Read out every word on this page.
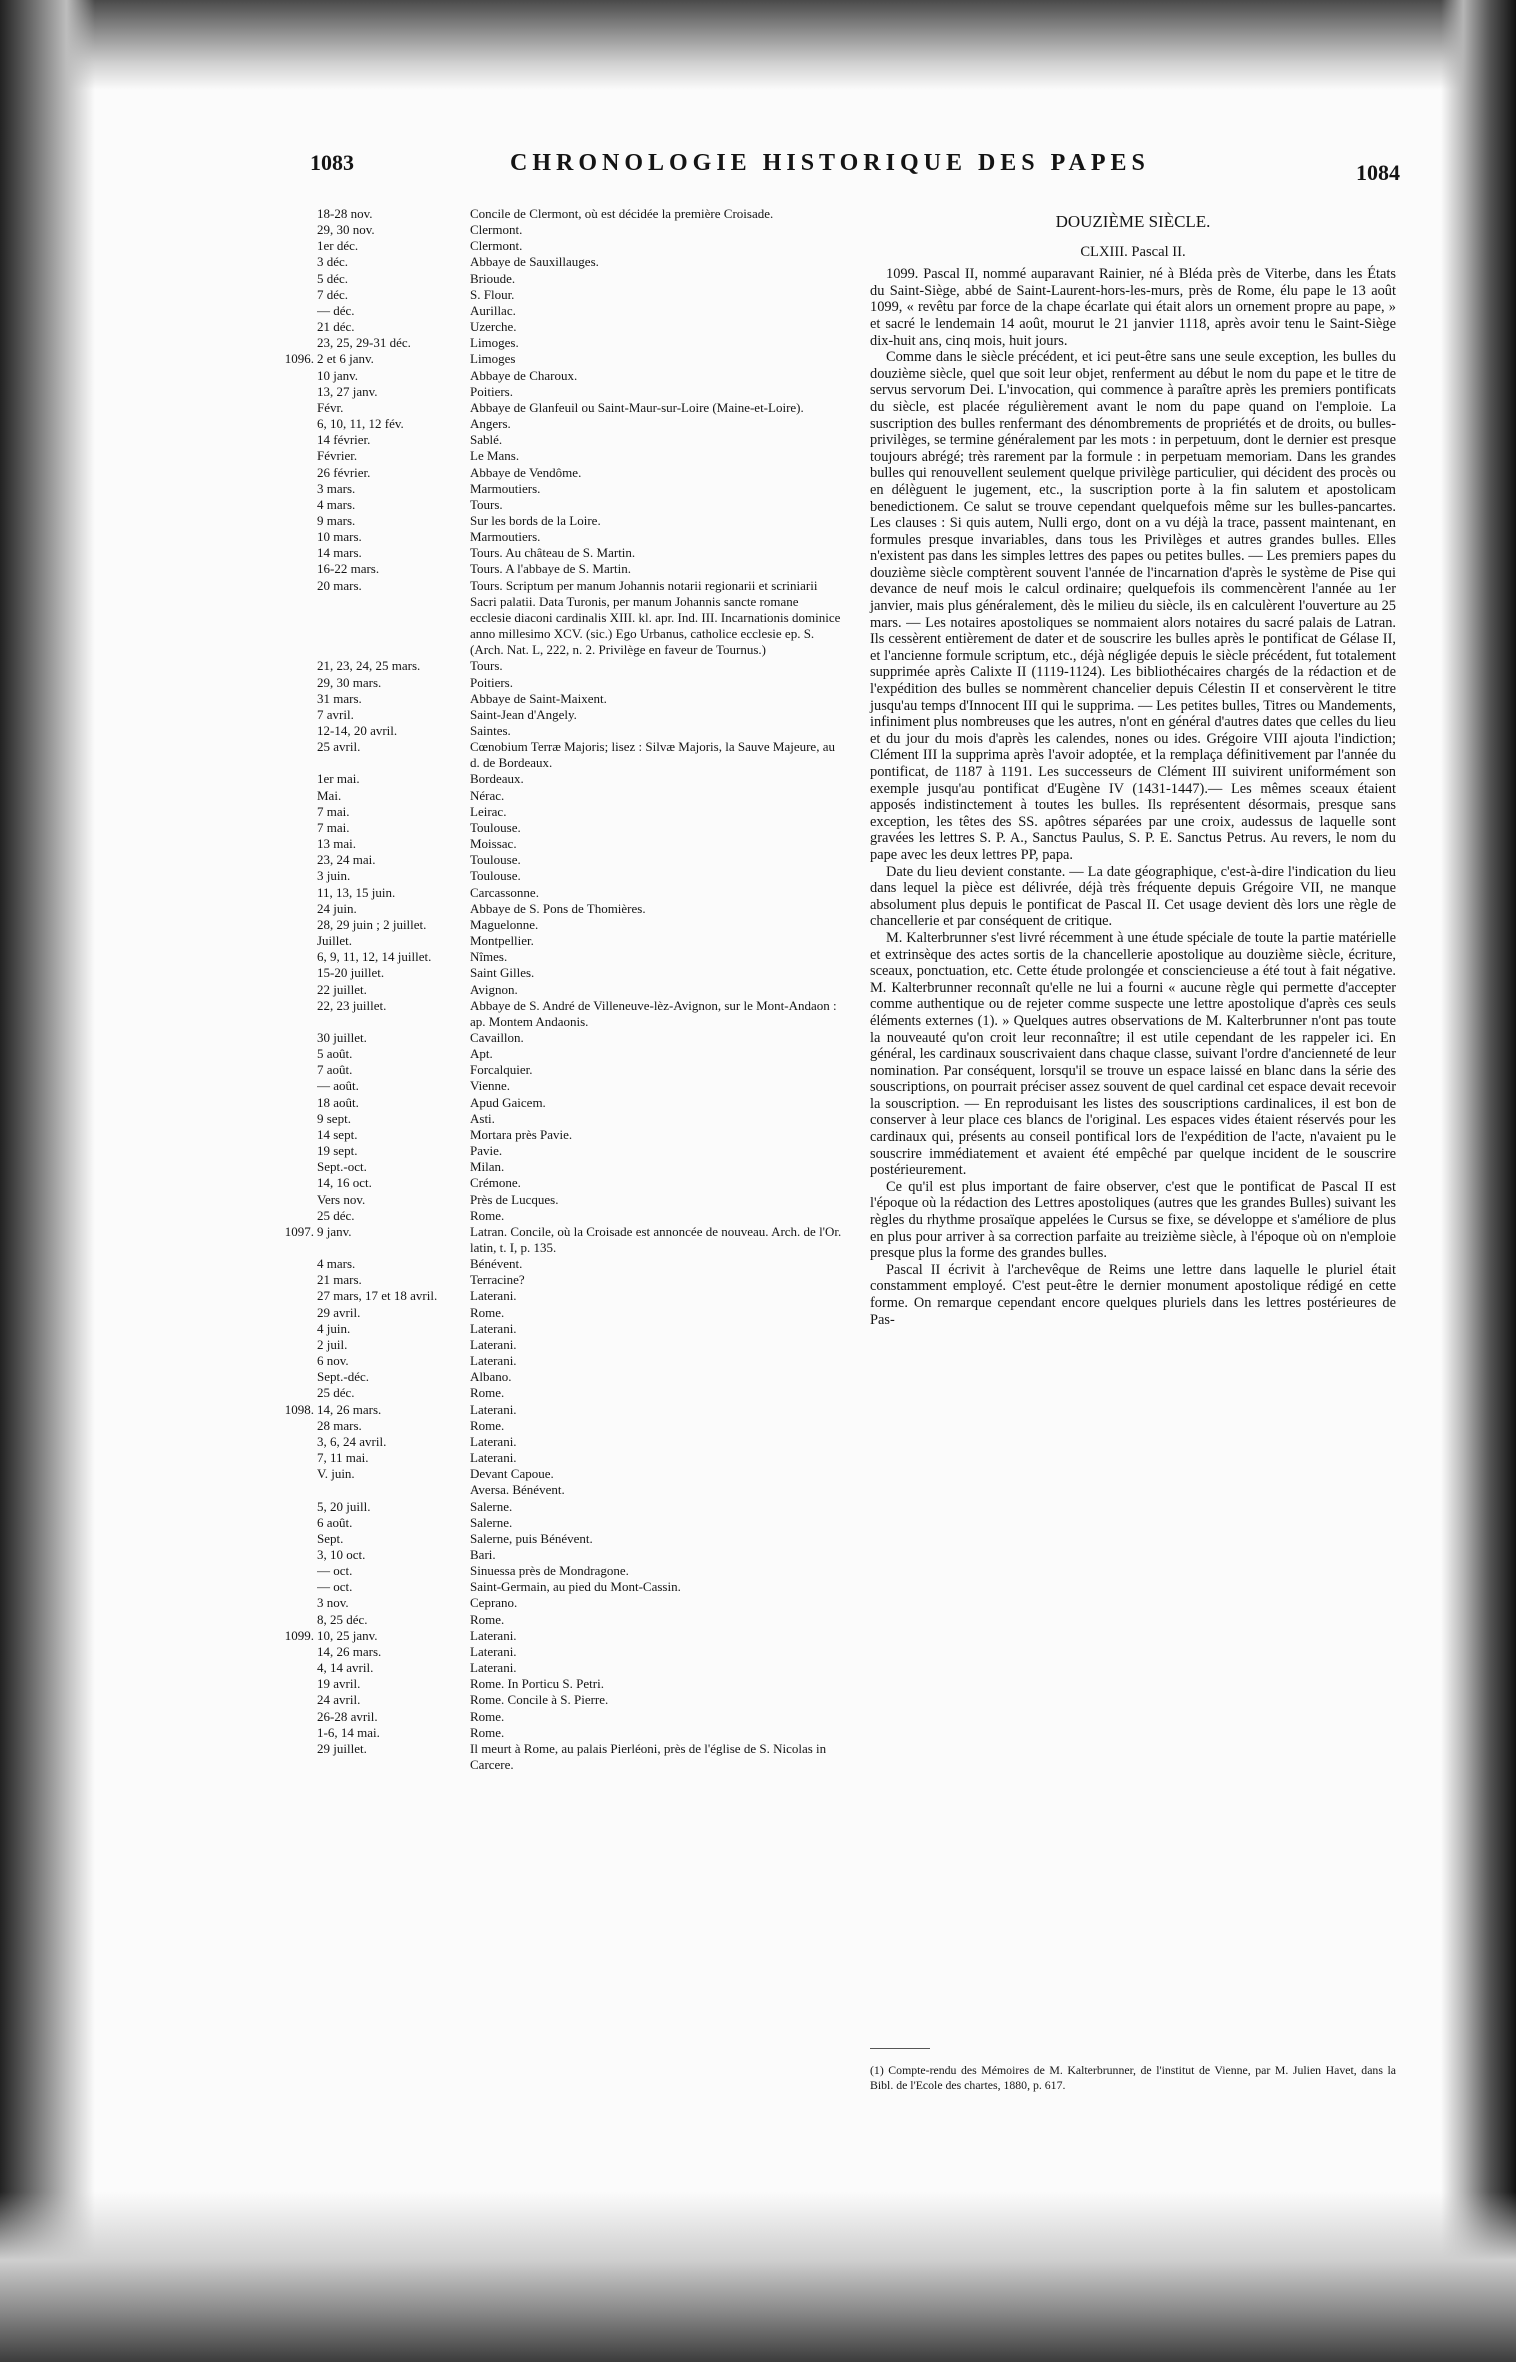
1083	CHRONOLOGIE HISTORIQUE DES PAPES	1084
18-28 nov.	Concile de Clermont, où est décidée la première Croisade.
29, 30 nov.	Clermont.
1er déc.	Clermont.
3 déc.	Abbaye de Sauxillauges.
5 déc.	Brioude.
7 déc.	S. Flour.
— déc.	Aurillac.
21 déc.	Uzerche.
23, 25, 29-31 déc.	Limoges.
1096. 2 et 6 janv.	Limoges
10 janv.	Abbaye de Charoux.
13, 27 janv.	Poitiers.
Févr.	Abbaye de Glanfeuil ou Saint-Maur-sur-Loire (Maine-et-Loire).
6, 10, 11, 12 fév.	Angers.
14 février.	Sablé.
Février.	Le Mans.
26 février.	Abbaye de Vendôme.
3 mars.	Marmoutiers.
4 mars.	Tours.
9 mars.	Sur les bords de la Loire.
10 mars.	Marmoutiers.
14 mars.	Tours. Au château de S. Martin.
16-22 mars.	Tours. A l'abbaye de S. Martin.
20 mars.	Tours. Scriptum per manum Johannis notarii regionarii et scriniarii Sacri palatii. Data Turonis, per manum Johannis sancte romane ecclesie diaconi cardinalis XIII. kl. apr. Ind. III. Incarnationis dominice anno millesimo XCV. (sic.) Ego Urbanus, catholice ecclesie ep. S. (Arch. Nat. L, 222, n. 2. Privilège en faveur de Tournus.)
21, 23, 24, 25 mars.	Tours.
29, 30 mars.	Poitiers.
31 mars.	Abbaye de Saint-Maixent.
7 avril.	Saint-Jean d'Angely.
12-14, 20 avril.	Saintes.
25 avril.	Cœnobium Terræ Majoris; lisez : Silvæ Majoris, la Sauve Majeure, au d. de Bordeaux.
1er mai.	Bordeaux.
Mai.	Nérac.
7 mai.	Leirac.
7 mai.	Toulouse.
13 mai.	Moissac.
23, 24 mai.	Toulouse.
3 juin.	Toulouse.
11, 13, 15 juin.	Carcassonne.
24 juin.	Abbaye de S. Pons de Thomières.
28, 29 juin ; 2 juillet.	Maguelonne.
Juillet.	Montpellier.
6, 9, 11, 12, 14 juillet.	Nîmes.
15-20 juillet.	Saint Gilles.
22 juillet.	Avignon.
22, 23 juillet.	Abbaye de S. André de Villeneuve-lèz-Avignon, sur le Mont-Andaon : ap. Montem Andaonis.
30 juillet.	Cavaillon.
5 août.	Apt.
7 août.	Forcalquier.
— août.	Vienne.
18 août.	Apud Gaicem.
9 sept.	Asti.
14 sept.	Mortara près Pavie.
19 sept.	Pavie.
Sept.-oct.	Milan.
14, 16 oct.	Crémone.
Vers nov.	Près de Lucques.
25 déc.	Rome.
1097. 9 janv.	Latran. Concile, où la Croisade est annoncée de nouveau. Arch. de l'Or. latin, t. I, p. 135.
4 mars.	Bénévent.
21 mars.	Terracine?
27 mars, 17 et 18 avril.	Laterani.
29 avril.	Rome.
4 juin.	Laterani.
2 juil.	Laterani.
6 nov.	Laterani.
Sept.-déc.	Albano.
25 déc.	Rome.
1098. 14, 26 mars.	Laterani.
28 mars.	Rome.
3, 6, 24 avril.	Laterani.
7, 11 mai.	Laterani.
V. juin.	Devant Capoue.
Aversa. Bénévent.
5, 20 juill.	Salerne.
6 août.	Salerne.
Sept.	Salerne, puis Bénévent.
3, 10 oct.	Bari.
— oct.	Sinuessa près de Mondragone.
— oct.	Saint-Germain, au pied du Mont-Cassin.
3 nov.	Ceprano.
8, 25 déc.	Rome.
1099. 10, 25 janv.	Laterani.
14, 26 mars.	Laterani.
4, 14 avril.	Laterani.
19 avril.	Rome. In Porticu S. Petri.
24 avril.	Rome. Concile à S. Pierre.
26-28 avril.	Rome.
1-6, 14 mai.	Rome.
29 juillet.	Il meurt à Rome, au palais Pierléoni, près de l'église de S. Nicolas in Carcere.
DOUZIÈME SIÈCLE.
CLXIII. Pascal II.

1099. Pascal II, nommé auparavant Rainier, né à Bléda près de Viterbe, dans les États du Saint-Siège, abbé de Saint-Laurent-hors-les-murs, près de Rome, élu pape le 13 août 1099, « revêtu par force de la chape écarlate qui était alors un ornement propre au pape, » et sacré le lendemain 14 août, mourut le 21 janvier 1118, après avoir tenu le Saint-Siège dix-huit ans, cinq mois, huit jours.

Comme dans le siècle précédent, et ici peut-être sans une seule exception, les bulles du douzième siècle, quel que soit leur objet, renferment au début le nom du pape et le titre de servus servorum Dei. L'invocation, qui commence à paraître après les premiers pontificats du siècle, est placée régulièrement avant le nom du pape quand on l'emploie. La suscription des bulles renfermant des dénombrements de propriétés et de droits, ou bulles-privilèges, se termine généralement par les mots : in perpetuum, dont le dernier est presque toujours abrégé; très rarement par la formule : in perpetuam memoriam. Dans les grandes bulles qui renouvellent seulement quelque privilège particulier, qui décident des procès ou en délèguent le jugement, etc., la suscription porte à la fin salutem et apostolicam benedictionem. Ce salut se trouve cependant quelquefois même sur les bulles-pancartes. Les clauses : Si quis autem, Nulli ergo, dont on a vu déjà la trace, passent maintenant, en formules presque invariables, dans tous les Privilèges et autres grandes bulles. Elles n'existent pas dans les simples lettres des papes ou petites bulles. — Les premiers papes du douzième siècle comptèrent souvent l'année de l'incarnation d'après le système de Pise qui devance de neuf mois le calcul ordinaire; quelquefois ils commencèrent l'année au 1er janvier, mais plus généralement, dès le milieu du siècle, ils en calculèrent l'ouverture au 25 mars. — Les notaires apostoliques se nommaient alors notaires du sacré palais de Latran. Ils cessèrent entièrement de dater et de souscrire les bulles après le pontificat de Gélase II, et l'ancienne formule scriptum, etc., déjà négligée depuis le siècle précédent, fut totalement supprimée après Calixte II (1119-1124). Les bibliothécaires chargés de la rédaction et de l'expédition des bulles se nommèrent chancelier depuis Célestin II et conservèrent le titre jusqu'au temps d'Innocent III qui le supprima. — Les petites bulles, Titres ou Mandements, infiniment plus nombreuses que les autres, n'ont en général d'autres dates que celles du lieu et du jour du mois d'après les calendes, nones ou ides. Grégoire VIII ajouta l'indiction; Clément III la supprima après l'avoir adoptée, et la remplaça définitivement par l'année du pontificat, de 1187 à 1191. Les successeurs de Clément III suivirent uniformément son exemple jusqu'au pontificat d'Eugène IV (1431-1447).— Les mêmes sceaux étaient apposés indistinctement à toutes les bulles. Ils représentent désormais, presque sans exception, les têtes des SS. apôtres séparées par une croix, audessus de laquelle sont gravées les lettres S. P. A., Sanctus Paulus, S. P. E. Sanctus Petrus. Au revers, le nom du pape avec les deux lettres PP, papa.

Date du lieu devient constante. — La date géographique, c'est-à-dire l'indication du lieu dans lequel la pièce est délivrée, déjà très fréquente depuis Grégoire VII, ne manque absolument plus depuis le pontificat de Pascal II. Cet usage devient dès lors une règle de chancellerie et par conséquent de critique.

M. Kalterbrunner s'est livré récemment à une étude spéciale de toute la partie matérielle et extrinsèque des actes sortis de la chancellerie apostolique au douzième siècle, écriture, sceaux, ponctuation, etc. Cette étude prolongée et consciencieuse a été tout à fait négative. M. Kalterbrunner reconnaît qu'elle ne lui a fourni « aucune règle qui permette d'accepter comme authentique ou de rejeter comme suspecte une lettre apostolique d'après ces seuls éléments externes (1). » Quelques autres observations de M. Kalterbrunner n'ont pas toute la nouveauté qu'on croit leur reconnaître; il est utile cependant de les rappeler ici. En général, les cardinaux souscrivaient dans chaque classe, suivant l'ordre d'ancienneté de leur nomination. Par conséquent, lorsqu'il se trouve un espace laissé en blanc dans la série des souscriptions, on pourrait préciser assez souvent de quel cardinal cet espace devait recevoir la souscription. — En reproduisant les listes des souscriptions cardinalices, il est bon de conserver à leur place ces blancs de l'original. Les espaces vides étaient réservés pour les cardinaux qui, présents au conseil pontifical lors de l'expédition de l'acte, n'avaient pu le souscrire immédiatement et avaient été empêché par quelque incident de le souscrire postérieurement.

Ce qu'il est plus important de faire observer, c'est que le pontificat de Pascal II est l'époque où la rédaction des Lettres apostoliques (autres que les grandes Bulles) suivant les règles du rhythme prosaïque appelées le Cursus se fixe, se développe et s'améliore de plus en plus pour arriver à sa correction parfaite au treizième siècle, à l'époque où on n'emploie presque plus la forme des grandes bulles.

Pascal II écrivit à l'archevêque de Reims une lettre dans laquelle le pluriel était constamment employé. C'est peut-être le dernier monument apostolique rédigé en cette forme. On remarque cependant encore quelques pluriels dans les lettres postérieures de Pas-

(1) Compte-rendu des Mémoires de M. Kalterbrunner, de l'institut de Vienne, par M. Julien Havet, dans la Bibl. de l'Ecole des chartes, 1880, p. 617.
